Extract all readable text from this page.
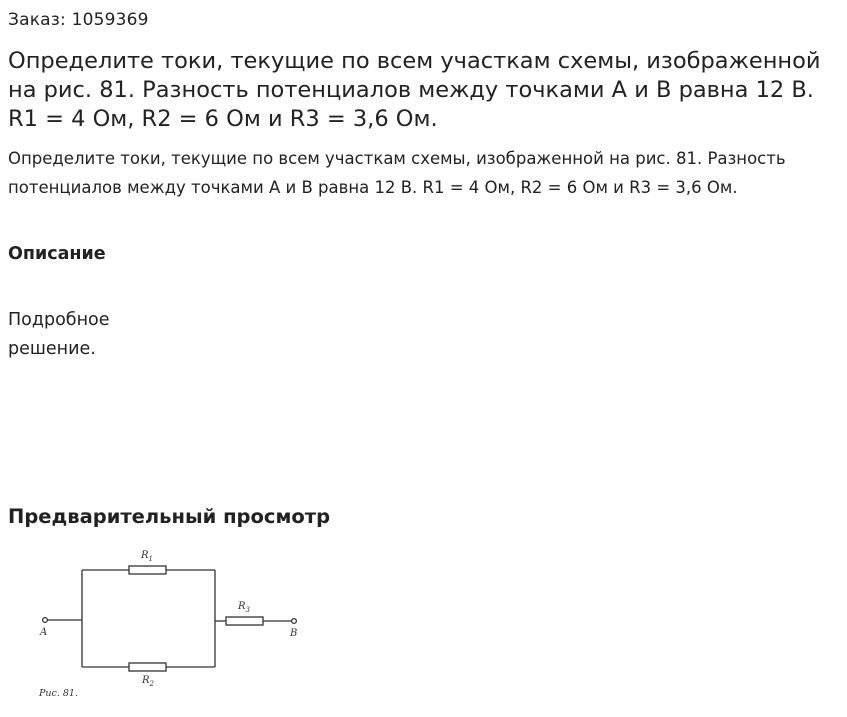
Заказ: 1059369
Определите токи, текущие по всем участкам схемы, изображенной на рис. 81. Разность потенциалов между точками А и В равна 12 В. R1 = 4 Ом, R2 = 6 Ом и R3 = 3,6 Ом.

Определите токи, текущие по всем участкам схемы, изображенной на рис. 81. Разность потенциалов между точками А и В равна 12 В. R1 = 4 Ом, R2 = 6 Ом и R3 = 3,6 Ом.

Описание

Подробное решение.

Предварительный просмотр
$R_1$
$R_2$
$R_3$
A	B
Рис. 81.
